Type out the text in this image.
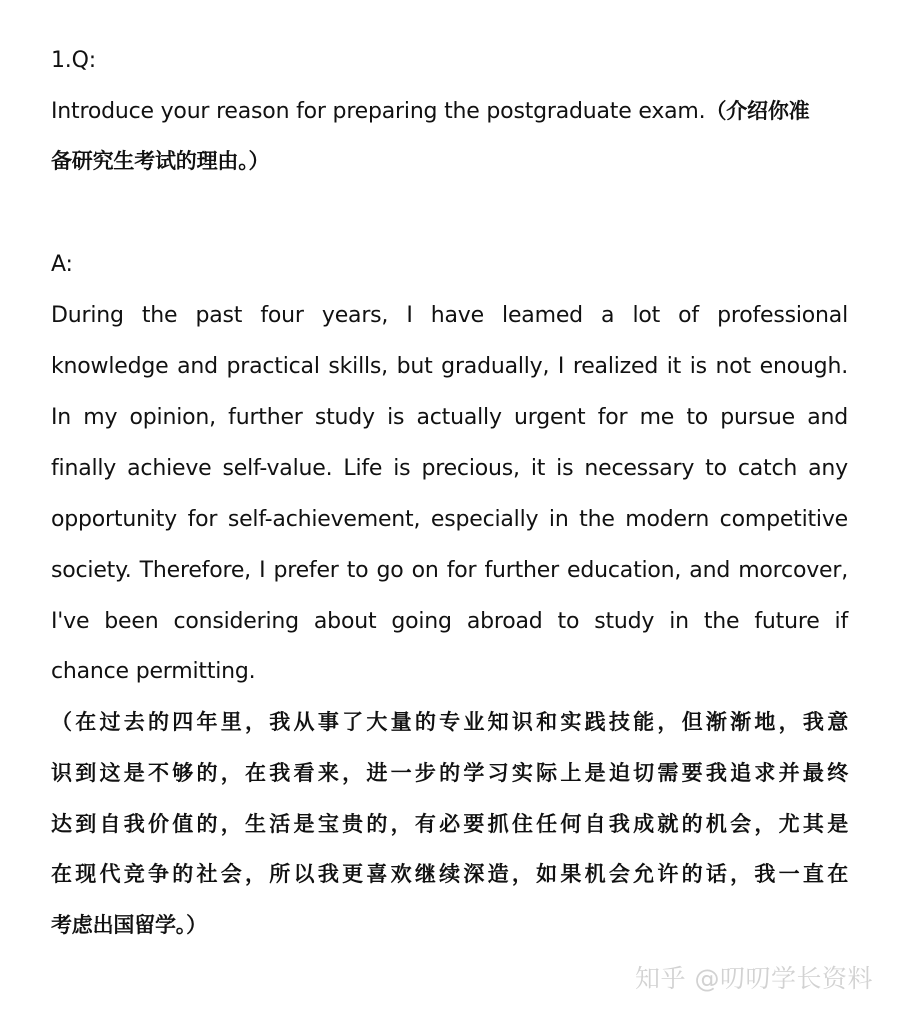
1.Q:
Introduce your reason for preparing the postgraduate exam.（介绍你准
备研究生考试的理由。）
A:
During the past four years, I have leamed a lot of professional
knowledge and practical skills, but gradually, I realized it is not enough.
In my opinion, further study is actually urgent for me to pursue and
finally achieve self-value. Life is precious, it is necessary to catch any
opportunity for self-achievement, especially in the modern competitive
society. Therefore, I prefer to go on for further education, and morcover,
I've been considering about going abroad to study in the future if
chance permitting.
（在过去的四年里，我从事了大量的专业知识和实践技能，但渐渐地，我意
识到这是不够的，在我看来，进一步的学习实际上是迫切需要我追求并最终
达到自我价值的，生活是宝贵的，有必要抓住任何自我成就的机会，尤其是
在现代竞争的社会，所以我更喜欢继续深造，如果机会允许的话，我一直在
考虑出国留学。）
知乎 @叨叨学长资料
